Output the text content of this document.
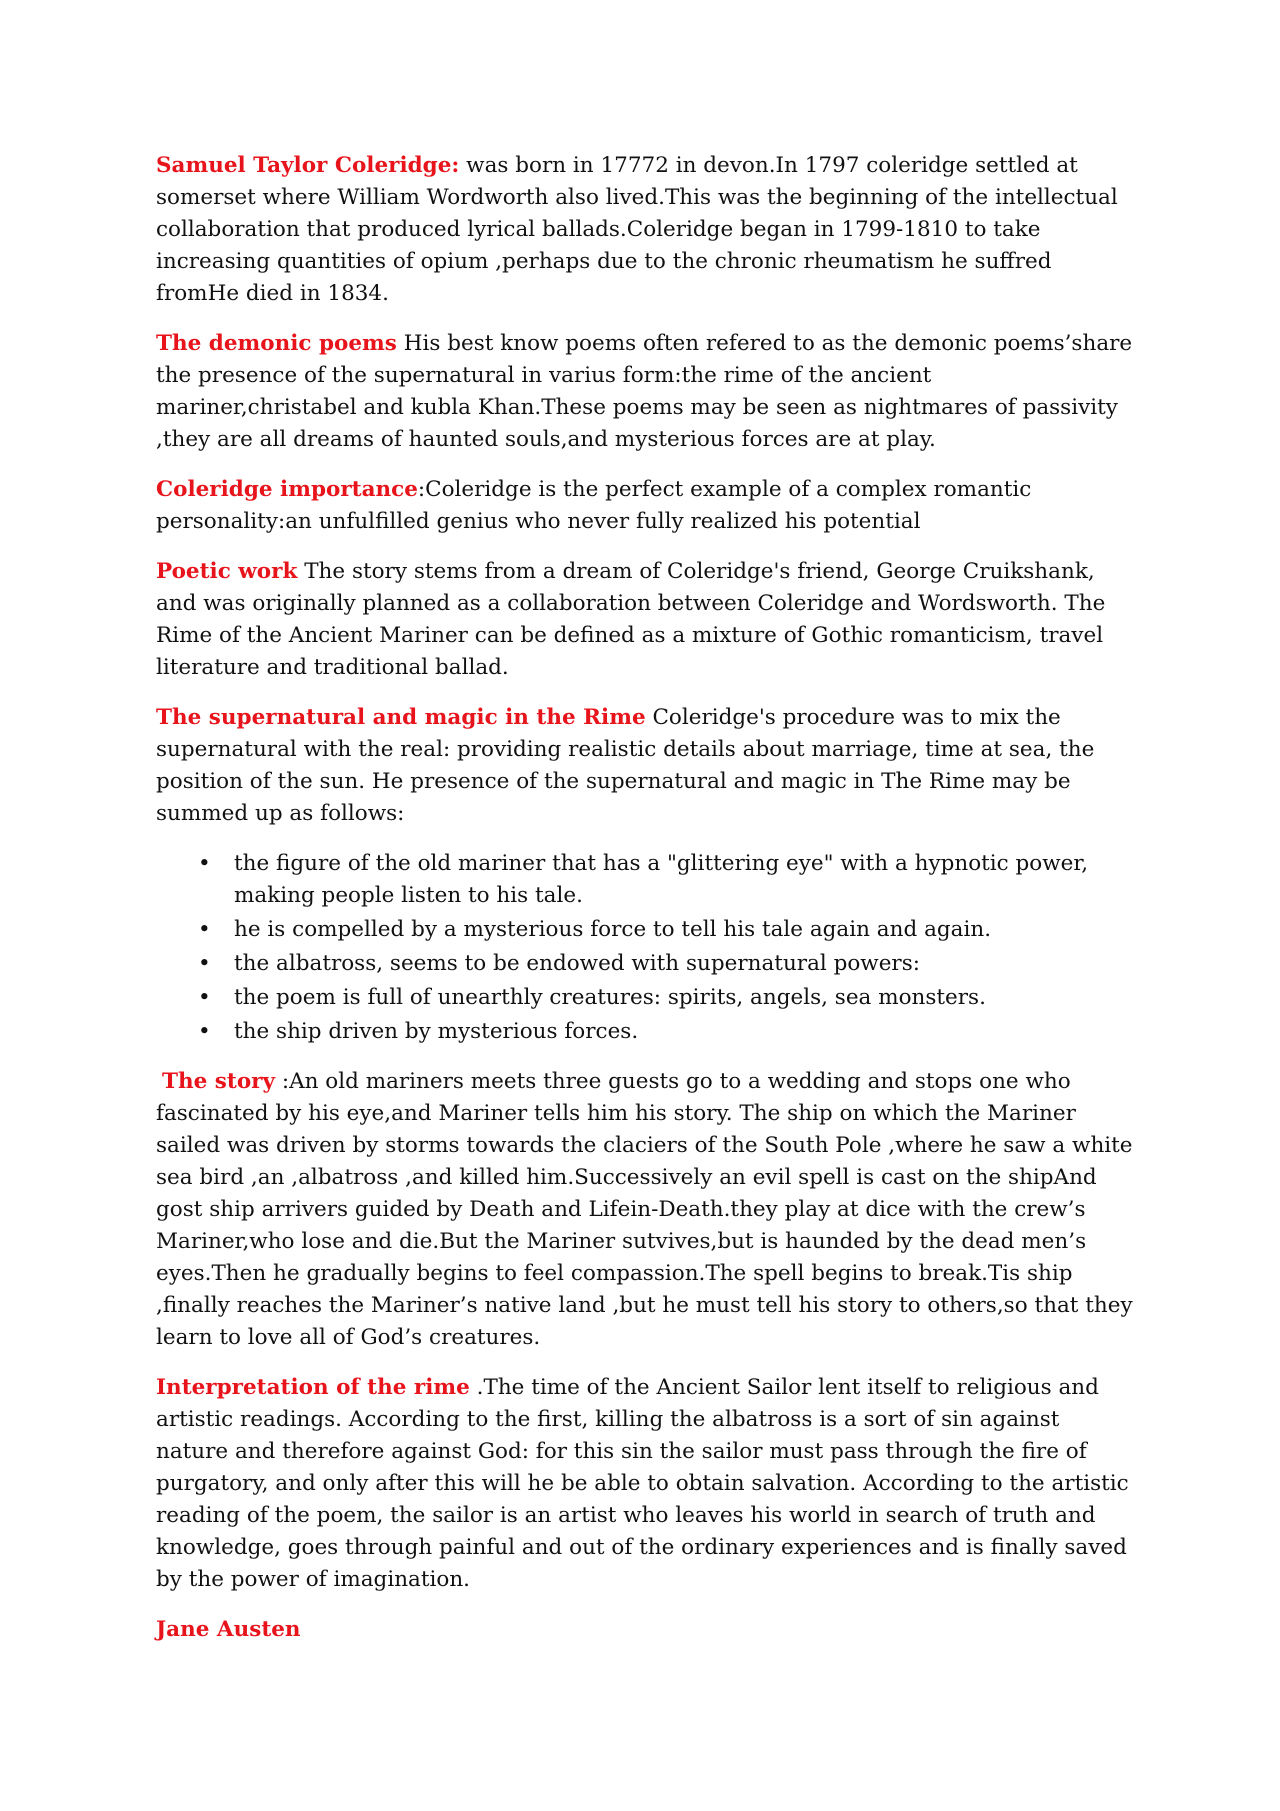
Samuel Taylor Coleridge: was born in 17772 in devon.In 1797 coleridge settled at somerset where William Wordworth also lived.This was the beginning of the intellectual collaboration that produced lyrical ballads.Coleridge began in 1799-1810 to take increasing quantities of opium ,perhaps due to the chronic rheumatism he suffred fromHe died in 1834.

The demonic poems His best know poems often refered to as the demonic poems’share the presence of the supernatural in varius form:the rime of the ancient mariner,christabel and kubla Khan.These poems may be seen as nightmares of passivity ,they are all dreams of haunted souls,and mysterious forces are at play.

Coleridge importance:Coleridge is the perfect example of a complex romantic personality:an unfulfilled genius who never fully realized his potential

Poetic work The story stems from a dream of Coleridge's friend, George Cruikshank, and was originally planned as a collaboration between Coleridge and Wordsworth. The Rime of the Ancient Mariner can be defined as a mixture of Gothic romanticism, travel literature and traditional ballad.

The supernatural and magic in the Rime Coleridge's procedure was to mix the supernatural with the real: providing realistic details about marriage, time at sea, the position of the sun. He presence of the supernatural and magic in The Rime may be summed up as follows:

• the figure of the old mariner that has a "glittering eye" with a hypnotic power, making people listen to his tale.
• he is compelled by a mysterious force to tell his tale again and again.
• the albatross, seems to be endowed with supernatural powers:
• the poem is full of unearthly creatures: spirits, angels, sea monsters.
• the ship driven by mysterious forces.

The story :An old mariners meets three guests go to a wedding and stops one who fascinated by his eye,and Mariner tells him his story. The ship on which the Mariner sailed was driven by storms towards the claciers of the South Pole ,where he saw a white sea bird ,an ,albatross ,and killed him.Successively an evil spell is cast on the shipAnd gost ship arrivers guided by Death and Lifein-Death.they play at dice with the crew’s Mariner,who lose and die.But the Mariner sutvives,but is haunded by the dead men’s eyes.Then he gradually begins to feel compassion.The spell begins to break.Tis ship ,finally reaches the Mariner’s native land ,but he must tell his story to others,so that they learn to love all of God’s creatures.

Interpretation of the rime .The time of the Ancient Sailor lent itself to religious and artistic readings. According to the first, killing the albatross is a sort of sin against nature and therefore against God: for this sin the sailor must pass through the fire of purgatory, and only after this will he be able to obtain salvation. According to the artistic reading of the poem, the sailor is an artist who leaves his world in search of truth and knowledge, goes through painful and out of the ordinary experiences and is finally saved by the power of imagination.

Jane Austen
